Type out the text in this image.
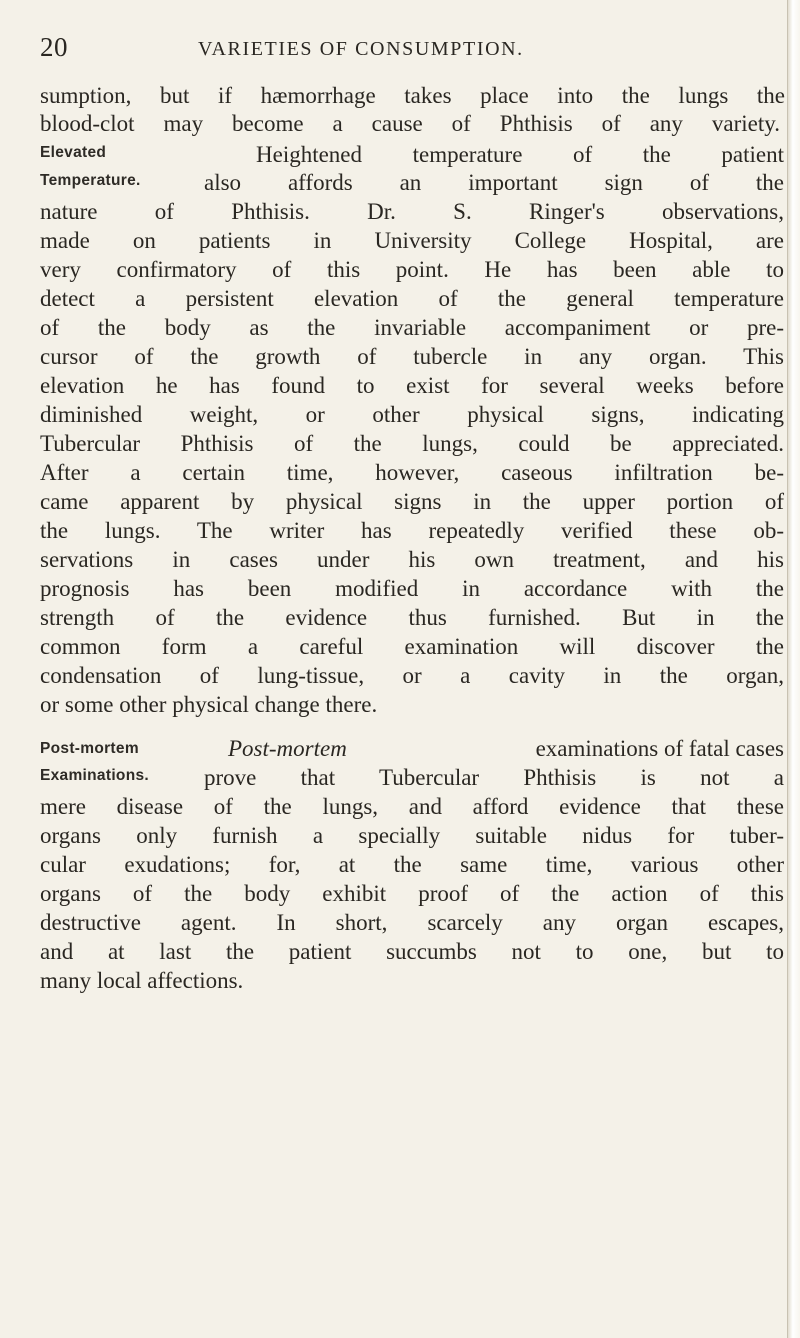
20	VARIETIES OF CONSUMPTION.
Elevated
Temperature.
Post-mortem
Examinations.
sumption, but if hæmorrhage takes place into the lungs the
blood-clot may become a cause of Phthisis of any variety.
Heightened temperature of the patient
also affords an important sign of the
nature of Phthisis. Dr. S. Ringer's observations,
made on patients in University College Hospital, are
very confirmatory of this point. He has been able to
detect a persistent elevation of the general temperature
of the body as the invariable accompaniment or pre-
cursor of the growth of tubercle in any organ. This
elevation he has found to exist for several weeks before
diminished weight, or other physical signs, indicating
Tubercular Phthisis of the lungs, could be appreciated.
After a certain time, however, caseous infiltration be-
came apparent by physical signs in the upper portion of
the lungs. The writer has repeatedly verified these ob-
servations in cases under his own treatment, and his
prognosis has been modified in accordance with the
strength of the evidence thus furnished. But in the
common form a careful examination will discover the
condensation of lung-tissue, or a cavity in the organ,
or some other physical change there.
Post-mortem	examinations of fatal cases
prove that Tubercular Phthisis is not a
mere disease of the lungs, and afford evidence that these
organs only furnish a specially suitable nidus for tuber-
cular exudations; for, at the same time, various other
organs of the body exhibit proof of the action of this
destructive agent. In short, scarcely any organ escapes,
and at last the patient succumbs not to one, but to
many local affections.
